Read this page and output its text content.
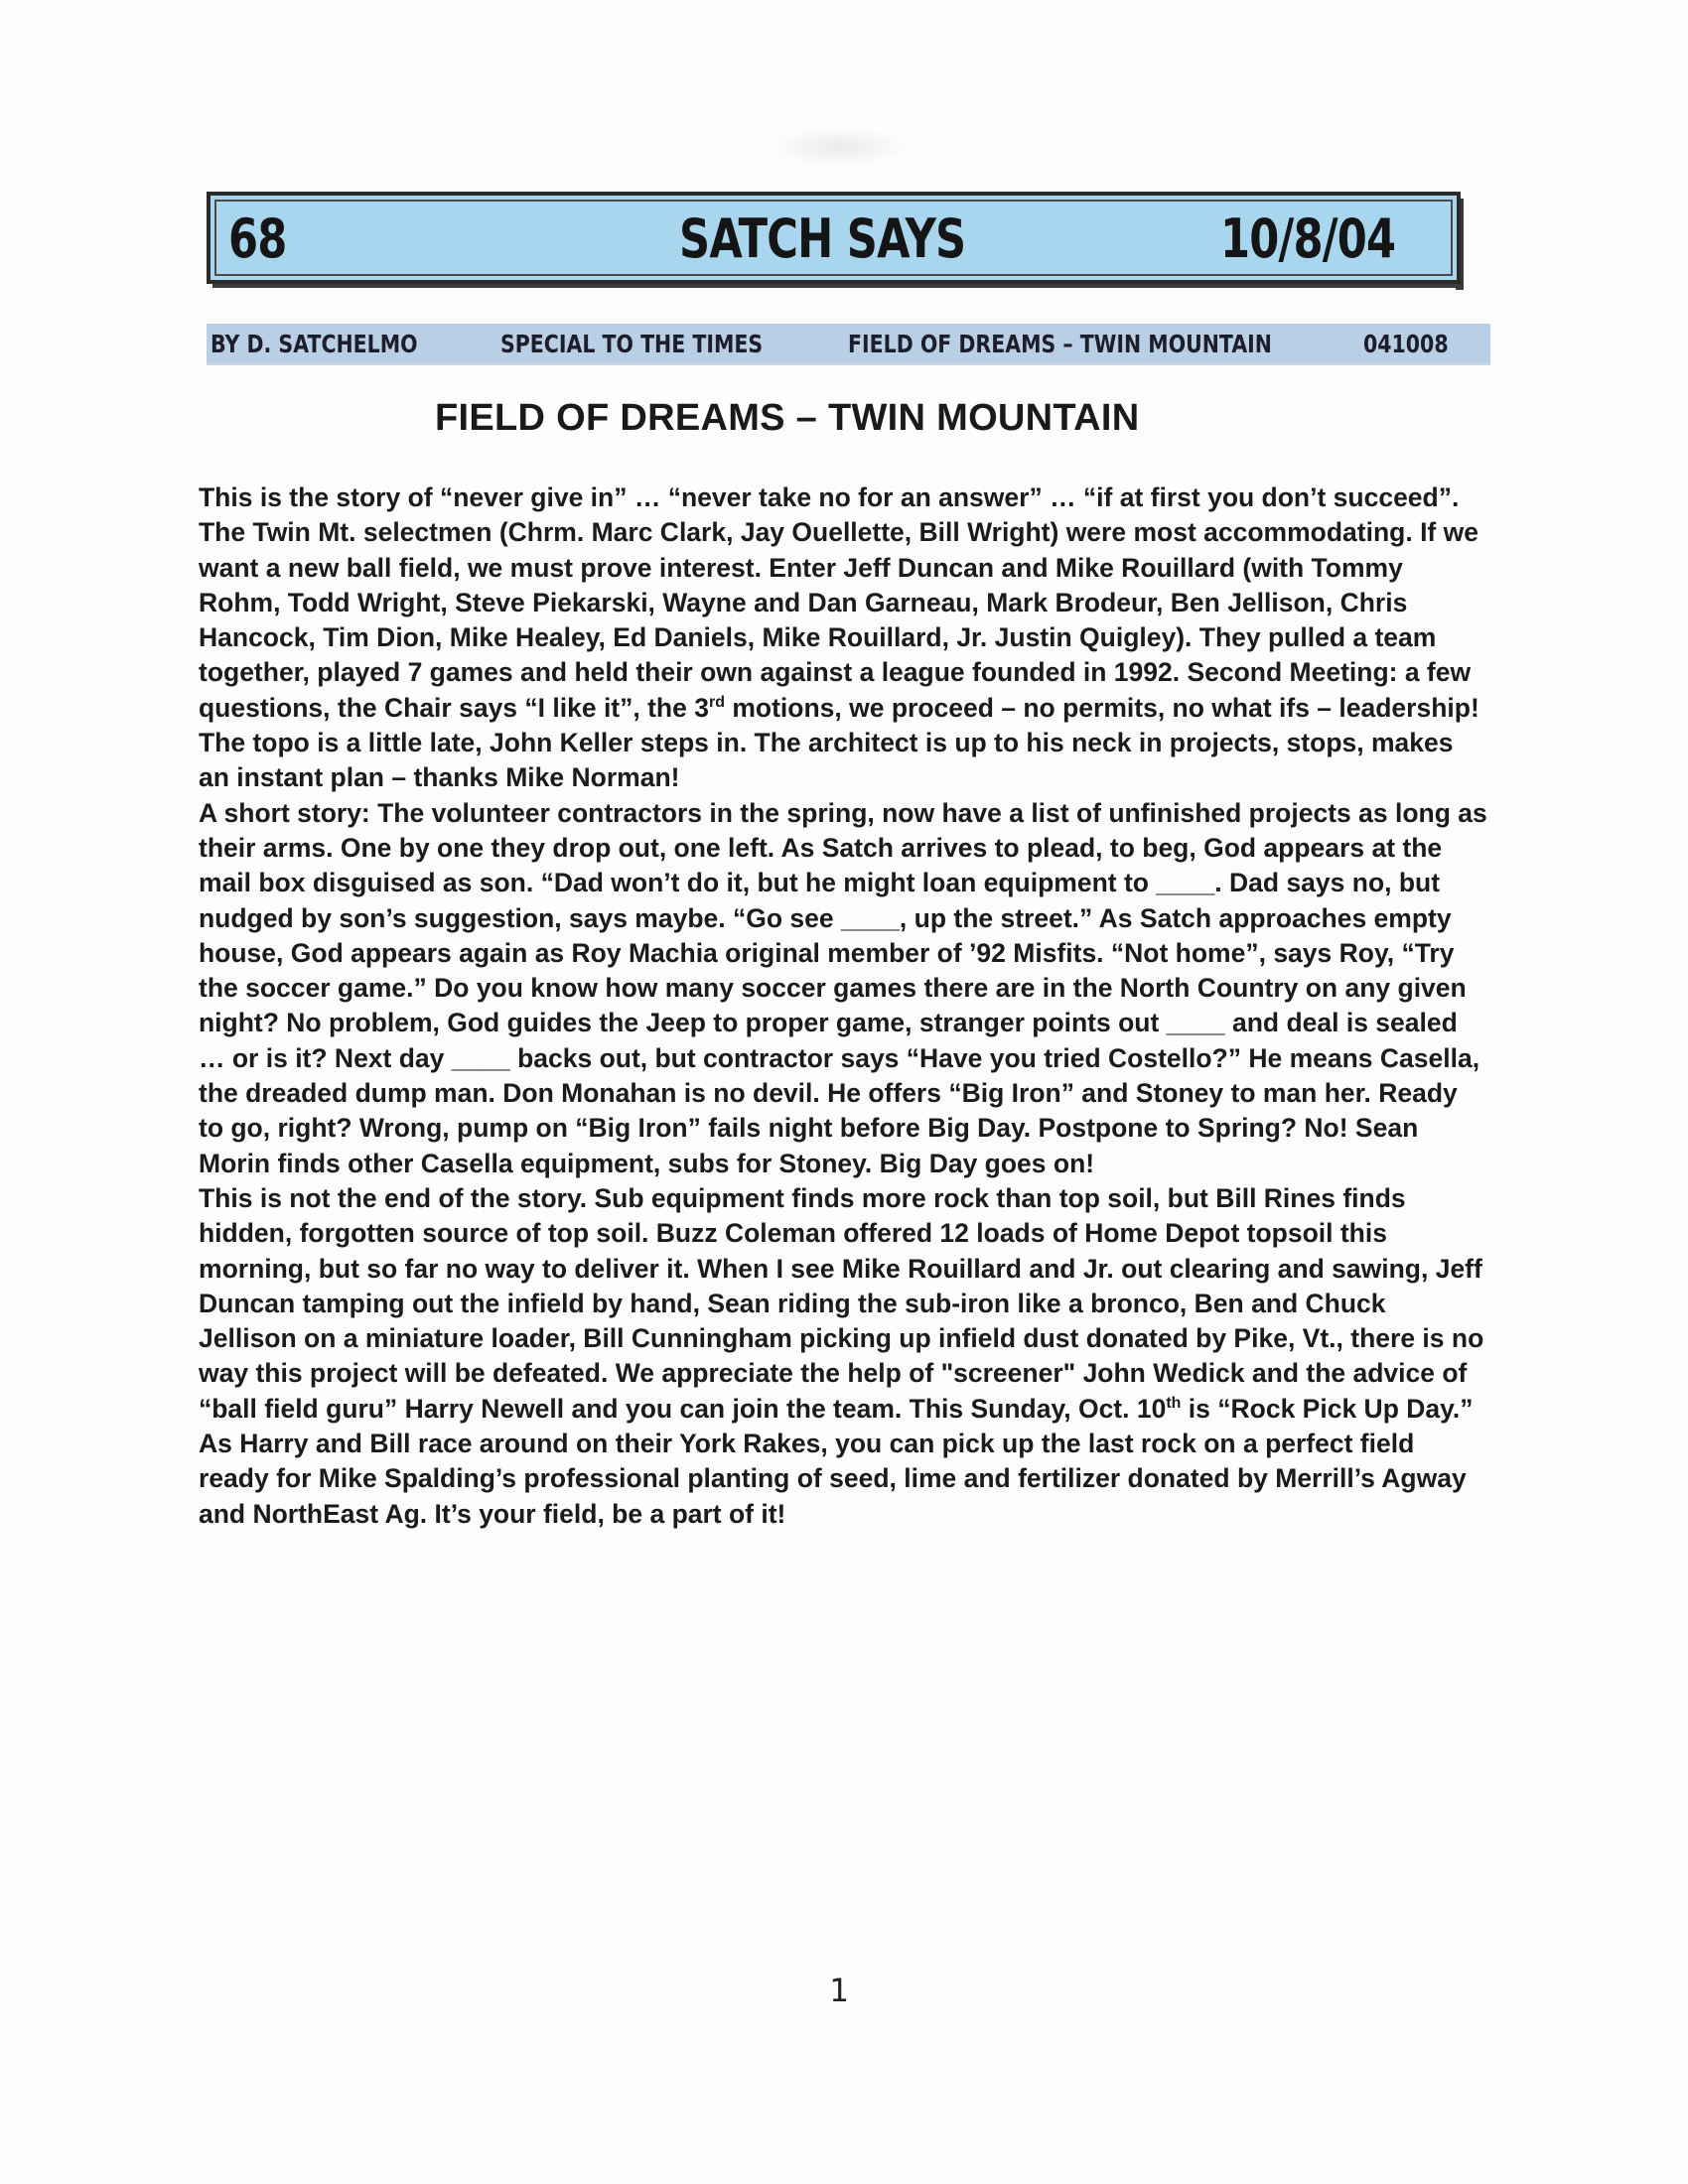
68	SATCH SAYS	10/8/04
BY D. SATCHELMO	SPECIAL TO THE TIMES	FIELD OF DREAMS – TWIN MOUNTAIN	041008
FIELD OF DREAMS – TWIN MOUNTAIN

This is the story of “never give in” … “never take no for an answer” … “if at first you don’t succeed”. The Twin Mt. selectmen (Chrm. Marc Clark, Jay Ouellette, Bill Wright) were most accommodating. If we want a new ball field, we must prove interest. Enter Jeff Duncan and Mike Rouillard (with Tommy Rohm, Todd Wright, Steve Piekarski, Wayne and Dan Garneau, Mark Brodeur, Ben Jellison, Chris Hancock, Tim Dion, Mike Healey, Ed Daniels, Mike Rouillard, Jr. Justin Quigley). They pulled a team together, played 7 games and held their own against a league founded in 1992. Second Meeting: a few questions, the Chair says “I like it”, the 3rd motions, we proceed – no permits, no what ifs – leadership! The topo is a little late, John Keller steps in. The architect is up to his neck in projects, stops, makes an instant plan – thanks Mike Norman!

A short story: The volunteer contractors in the spring, now have a list of unfinished projects as long as their arms. One by one they drop out, one left. As Satch arrives to plead, to beg, God appears at the mail box disguised as son. “Dad won’t do it, but he might loan equipment to ____. Dad says no, but nudged by son’s suggestion, says maybe. “Go see ____, up the street.” As Satch approaches empty house, God appears again as Roy Machia original member of ’92 Misfits. “Not home”, says Roy, “Try the soccer game.” Do you know how many soccer games there are in the North Country on any given night? No problem, God guides the Jeep to proper game, stranger points out ____ and deal is sealed … or is it? Next day ____ backs out, but contractor says “Have you tried Costello?” He means Casella, the dreaded dump man. Don Monahan is no devil. He offers “Big Iron” and Stoney to man her. Ready to go, right? Wrong, pump on “Big Iron” fails night before Big Day. Postpone to Spring? No! Sean Morin finds other Casella equipment, subs for Stoney. Big Day goes on!

This is not the end of the story. Sub equipment finds more rock than top soil, but Bill Rines finds hidden, forgotten source of top soil. Buzz Coleman offered 12 loads of Home Depot topsoil this morning, but so far no way to deliver it. When I see Mike Rouillard and Jr. out clearing and sawing, Jeff Duncan tamping out the infield by hand, Sean riding the sub-iron like a bronco, Ben and Chuck Jellison on a miniature loader, Bill Cunningham picking up infield dust donated by Pike, Vt., there is no way this project will be defeated. We appreciate the help of "screener" John Wedick and the advice of “ball field guru” Harry Newell and you can join the team. This Sunday, Oct. 10th is “Rock Pick Up Day.” As Harry and Bill race around on their York Rakes, you can pick up the last rock on a perfect field ready for Mike Spalding’s professional planting of seed, lime and fertilizer donated by Merrill’s Agway and NorthEast Ag. It’s your field, be a part of it!

1
